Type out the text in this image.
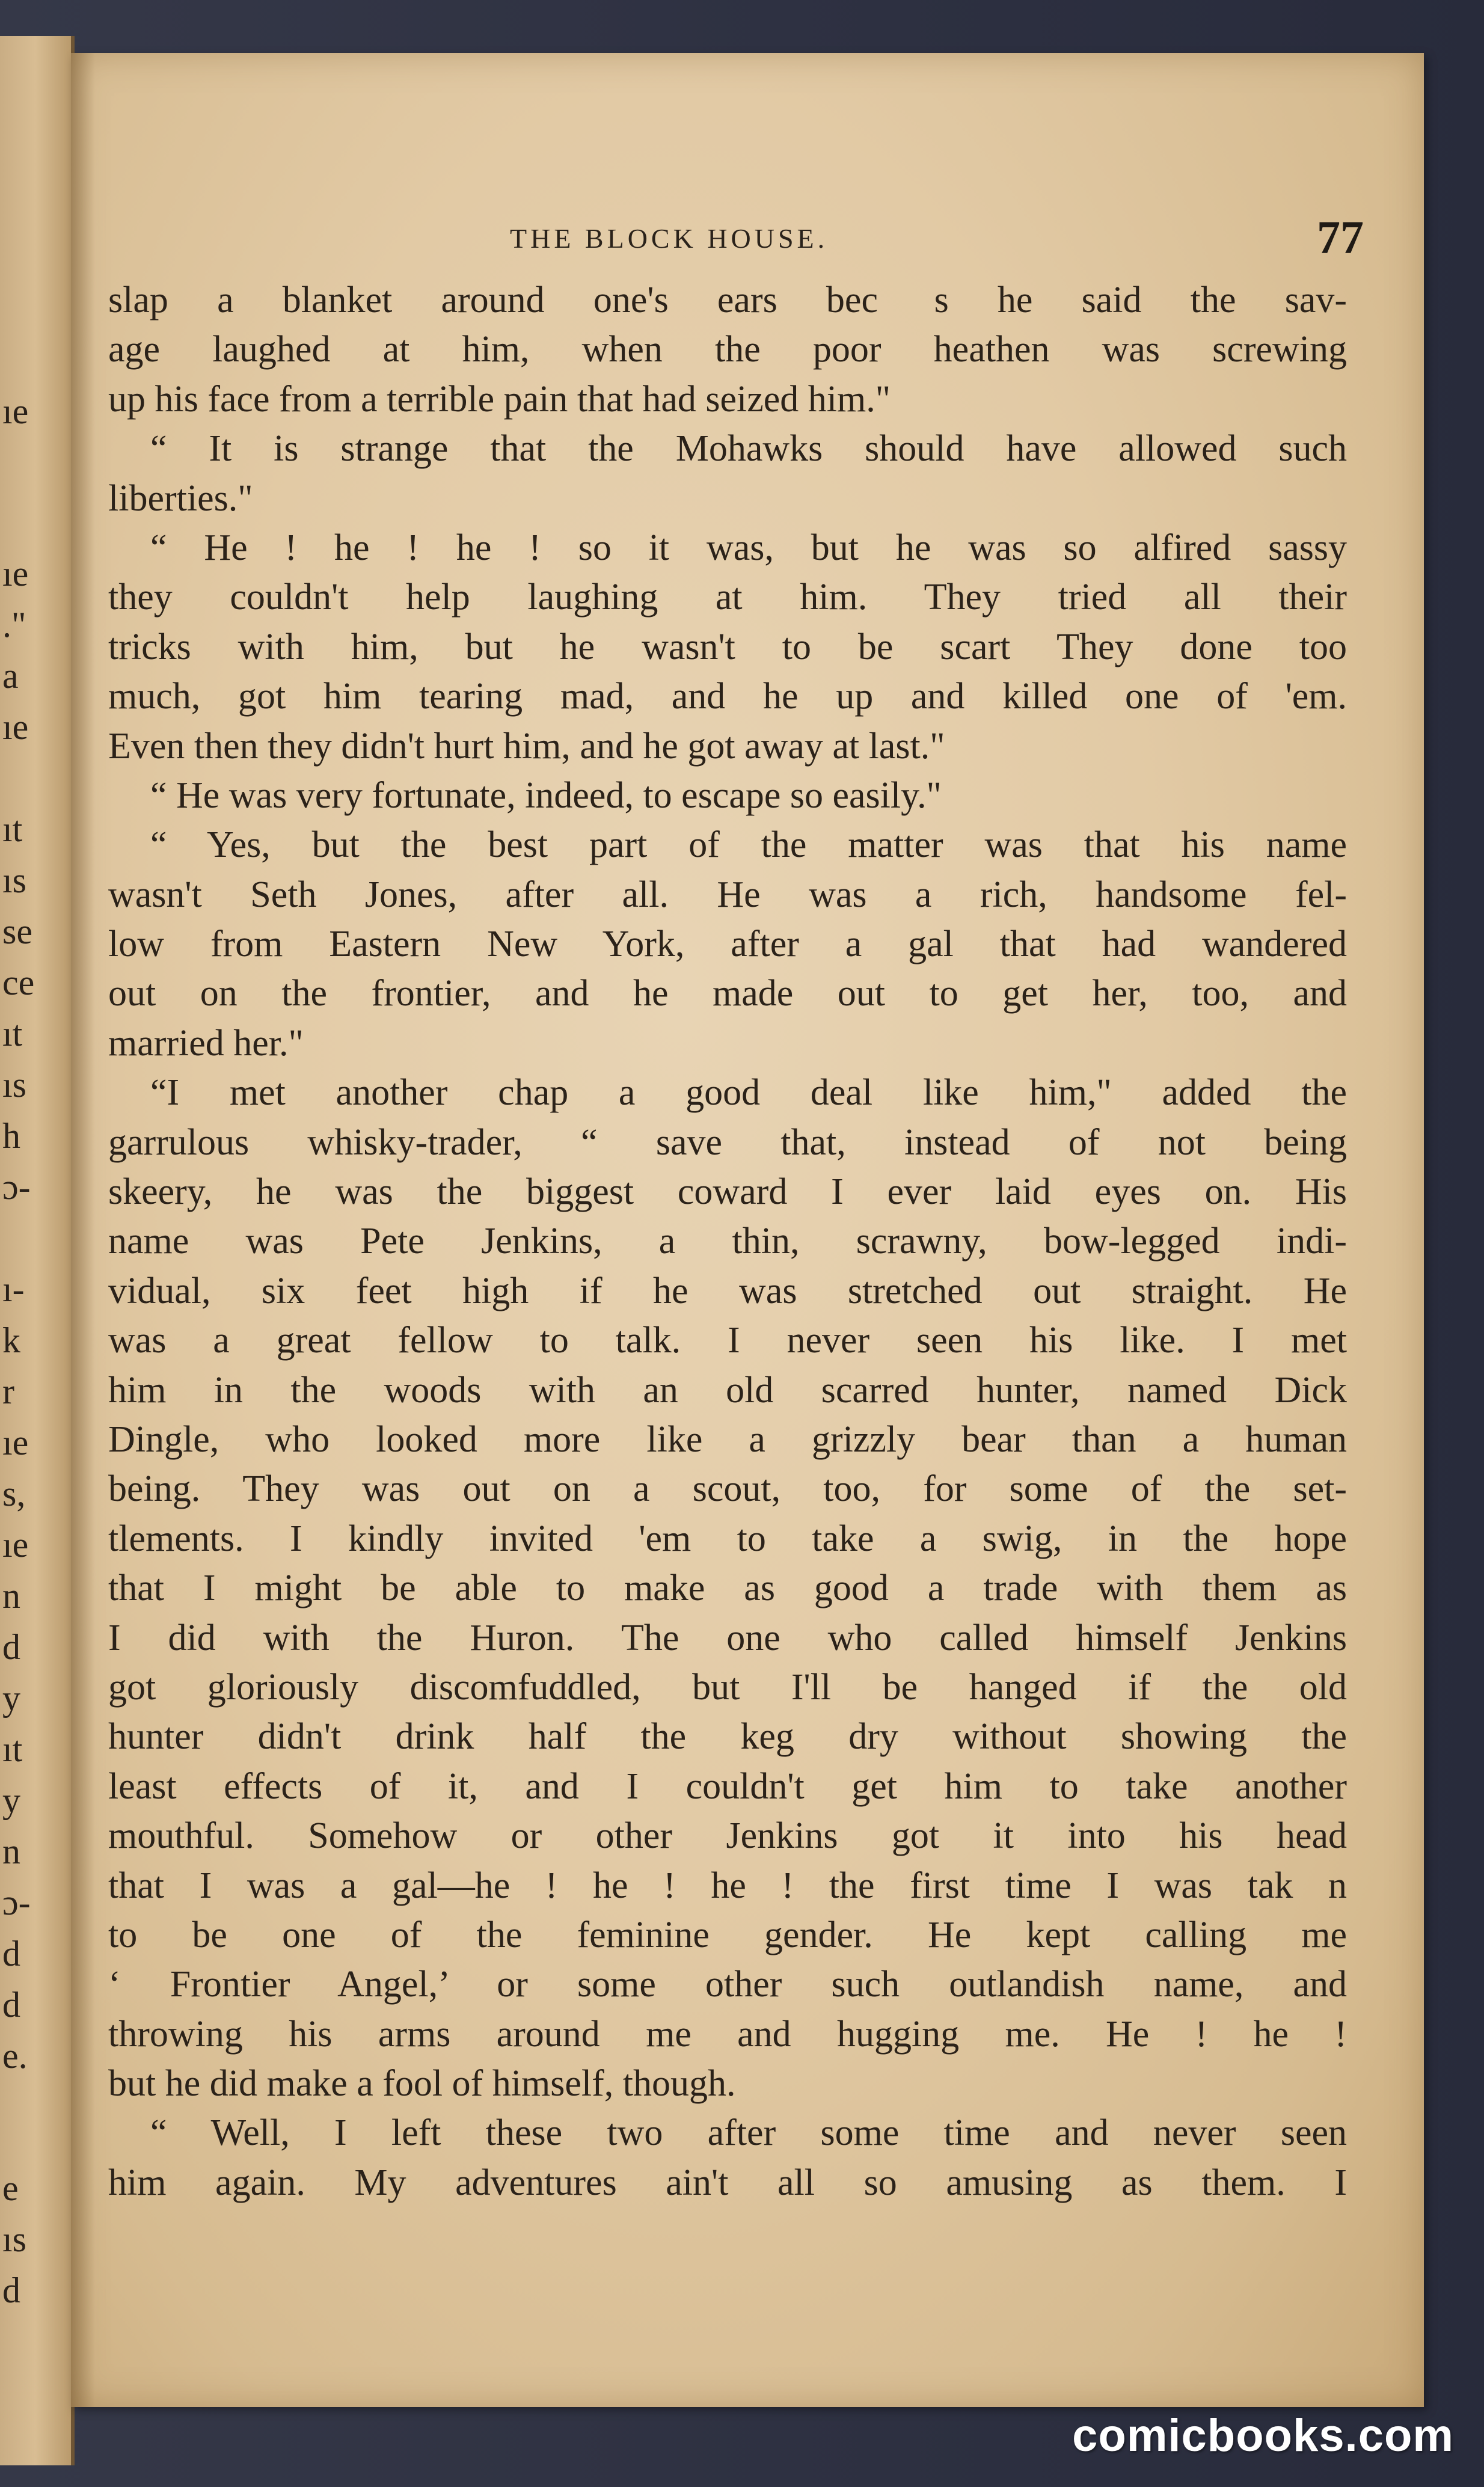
ıe
ıe
."
a
ıe
ıt
ıs
se
ce
ıt
ıs
h
ɔ-
ı-
k
r
ıe
s,
ıe
n
d
y
ıt
y
n
ɔ-
d
d
e.
e
ıs
d
THE BLOCK HOUSE.	77
slap a blanket around one's ears bec  s he said the sav-
age laughed at him, when the poor heathen was screwing
up his face from a terrible pain that had seized him."
“ It is strange that the Mohawks should have allowed such
liberties."
“ He ! he ! he ! so it was, but he was so alfired sassy
they couldn't help laughing at him. They tried all their
tricks with him, but he wasn't to be scart They done too
much, got him tearing mad, and he up and killed one of 'em.
Even then they didn't hurt him, and he got away at last."
“ He was very fortunate, indeed, to escape so easily."
“ Yes, but the best part of the matter was that his name
wasn't Seth Jones, after all. He was a rich, handsome fel-
low from Eastern New York, after a gal that had wandered
out on the frontier, and he made out to get her, too, and
married her."
“I met another chap a good deal like him," added the
garrulous whisky-trader, “ save that, instead of not being
skeery, he was the biggest coward I ever laid eyes on. His
name was Pete Jenkins, a thin, scrawny, bow-legged indi-
vidual, six feet high if he was stretched out straight. He
was a great fellow to talk. I never seen his like. I met
him in the woods with an old scarred hunter, named Dick
Dingle, who looked more like a grizzly bear than a human
being. They was out on a scout, too, for some of the set-
tlements. I kindly invited 'em to take a swig, in the hope
that I might be able to make as good a trade with them as
I did with the Huron. The one who called himself Jenkins
got gloriously discomfuddled, but I'll be hanged if the old
hunter didn't drink half the keg dry without showing the
least effects of it, and I couldn't get him to take another
mouthful. Somehow or other Jenkins got it into his head
that I was a gal—he ! he ! he ! the first time I was tak n
to be one of the feminine gender. He kept calling me
‘ Frontier Angel,’ or some other such outlandish name, and
throwing his arms around me and hugging me. He ! he !
but he did make a fool of himself, though.
“ Well, I left these two after some time and never seen
him again. My adventures ain't all so amusing as them. I
comicbooks.com
